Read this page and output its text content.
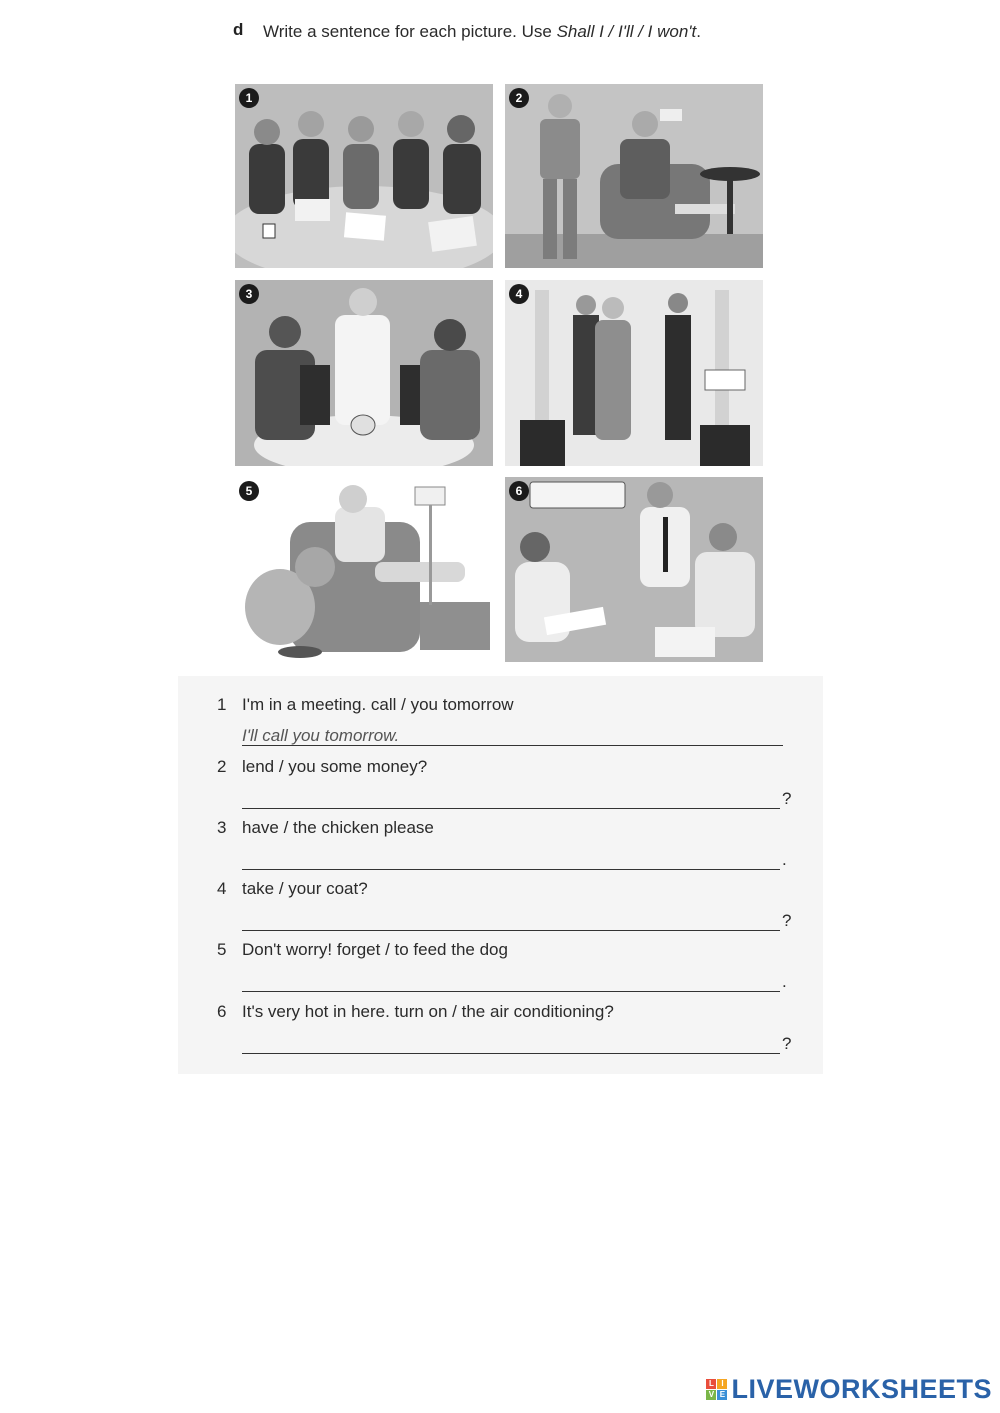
d Write a sentence for each picture. Use Shall I / I'll / I won't.
1	2
3	4
5	6
1 I'm in a meeting. call / you tomorrow
I'll call you tomorrow.
2 lend / you some money?
?
3 have / the chicken please
.
4 take / your coat?
?
5 Don't worry! forget / to feed the dog
.
6 It's very hot in here. turn on / the air conditioning?
?
L I
V E LIVEWORKSHEETS
